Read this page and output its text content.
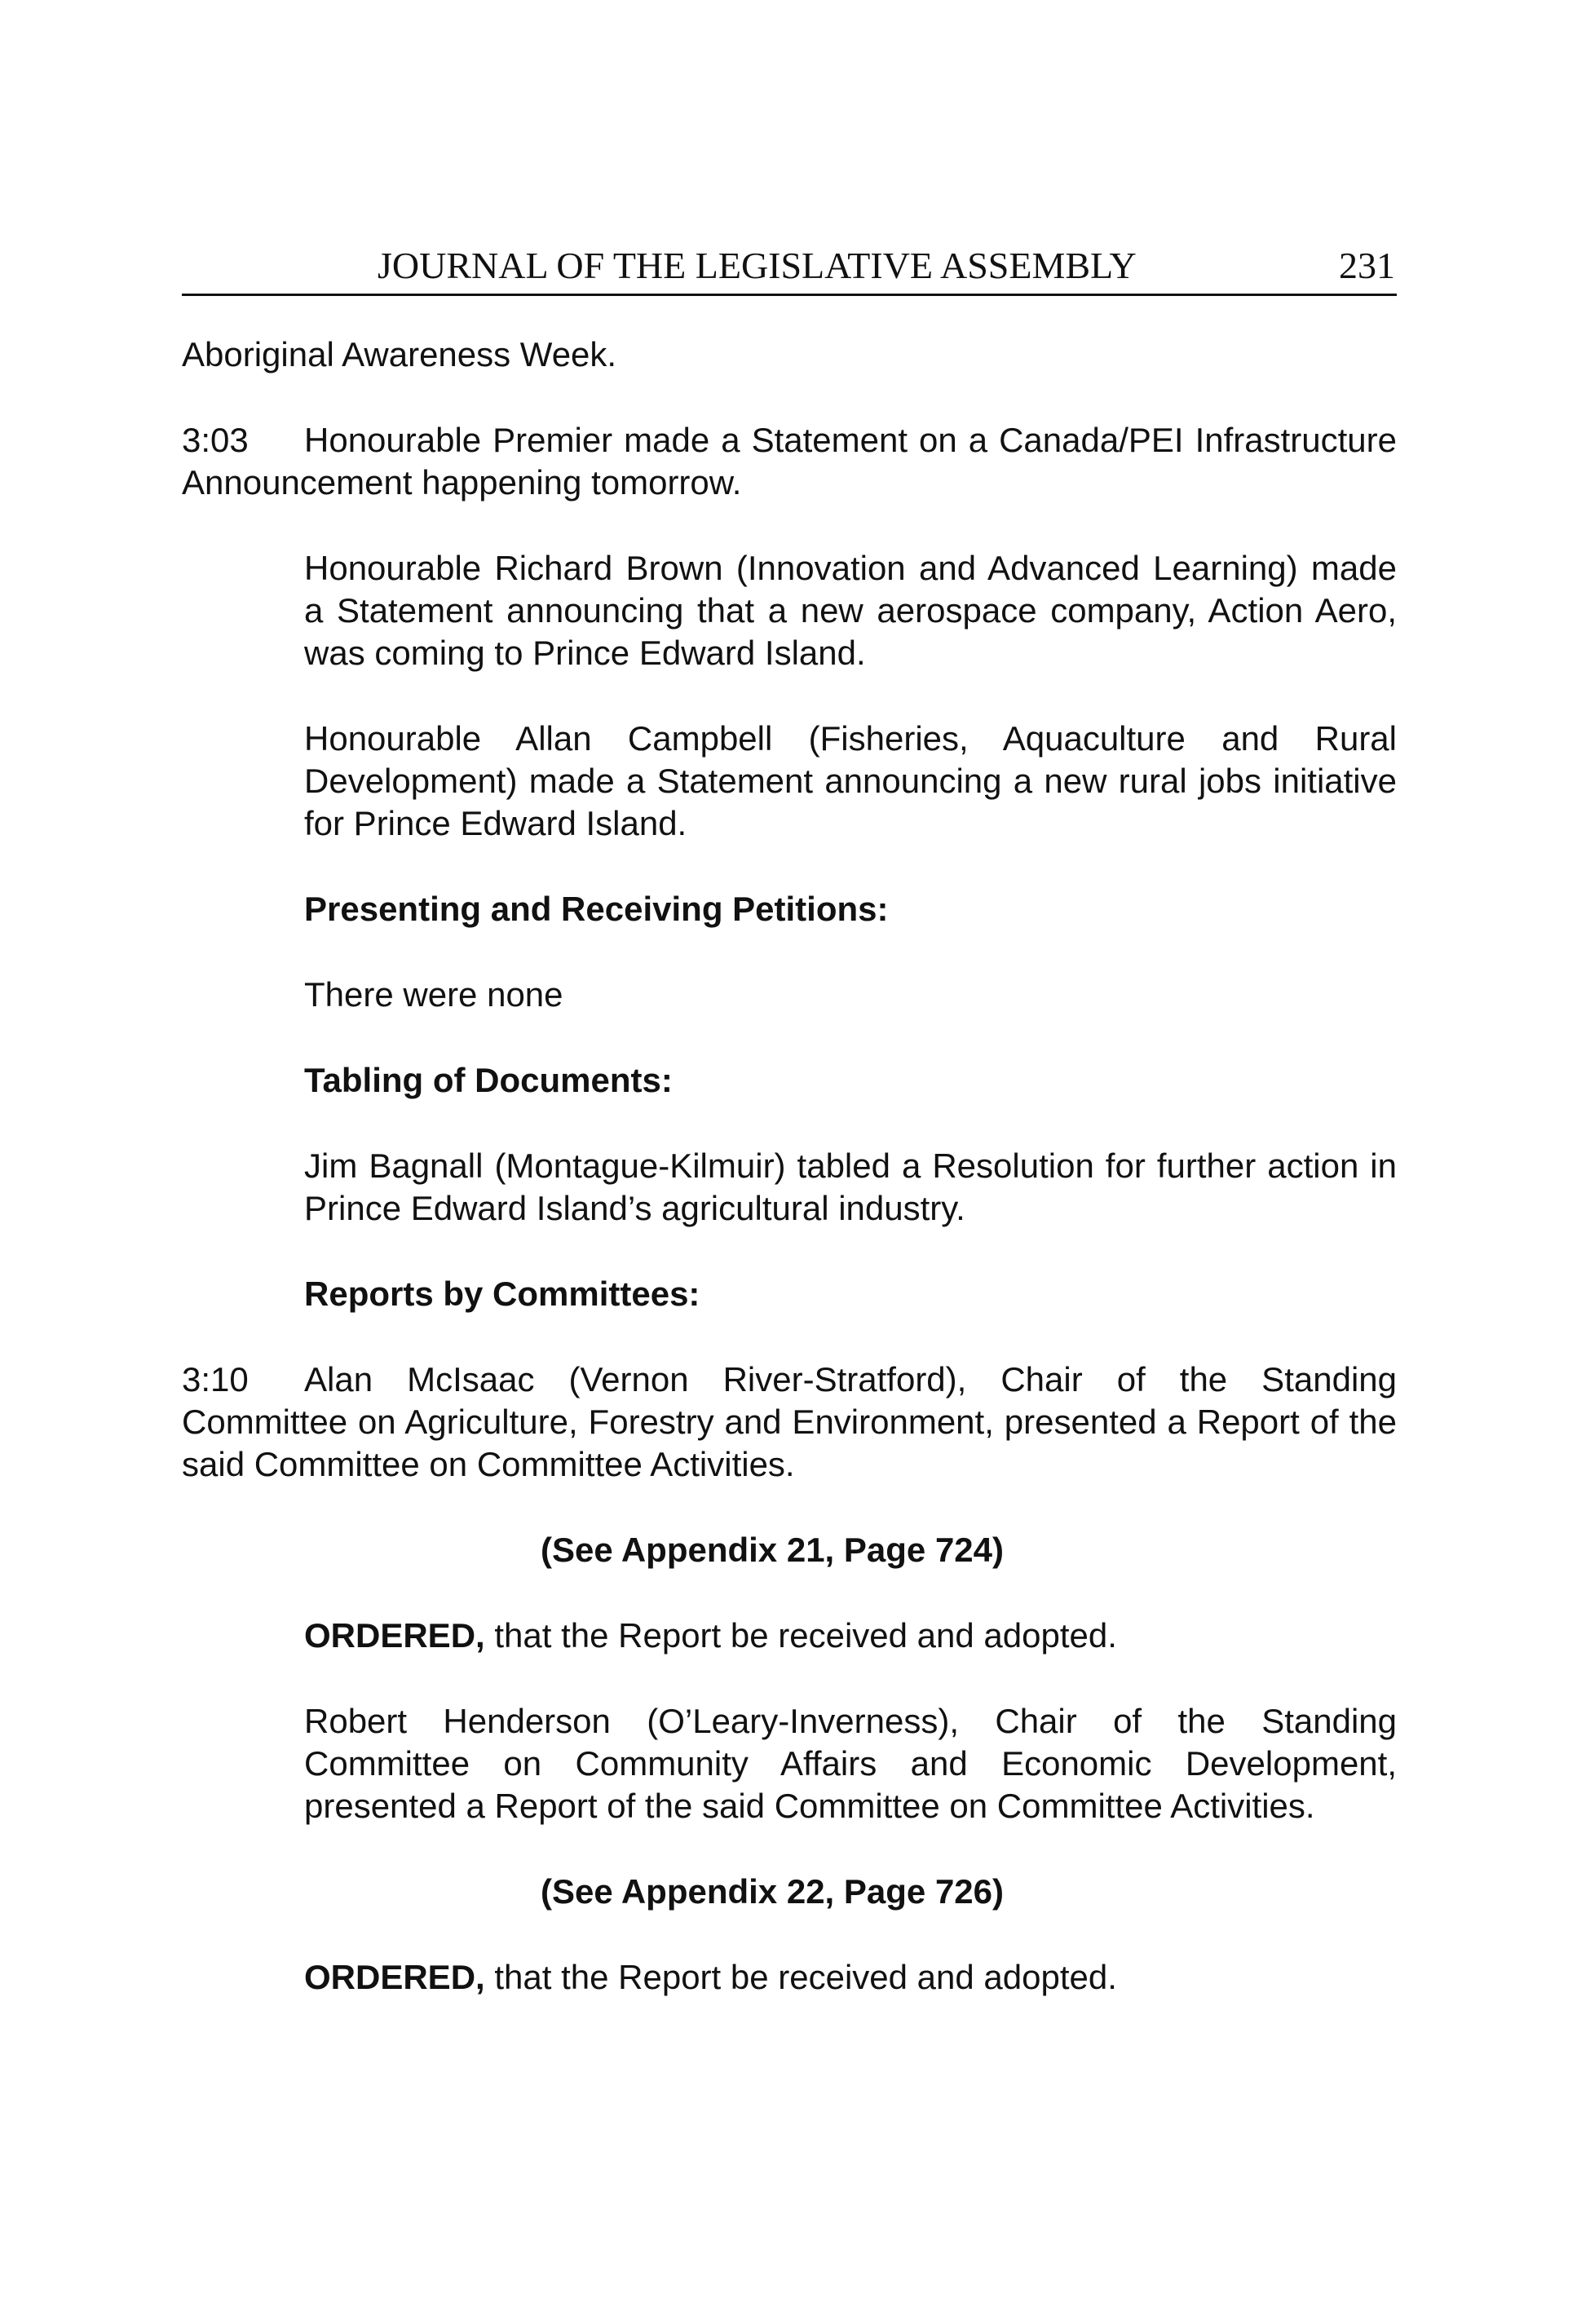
JOURNAL OF THE LEGISLATIVE ASSEMBLY	231

Aboriginal Awareness Week.

3:03 Honourable Premier made a Statement on a Canada/PEI Infrastructure Announcement happening tomorrow.

Honourable Richard Brown (Innovation and Advanced Learning) made a Statement announcing that a new aerospace company, Action Aero, was coming to Prince Edward Island.

Honourable Allan Campbell (Fisheries, Aquaculture and Rural Development) made a Statement announcing a new rural jobs initiative for Prince Edward Island.

Presenting and Receiving Petitions:

There were none

Tabling of Documents:

Jim Bagnall (Montague-Kilmuir) tabled a Resolution for further action in Prince Edward Island’s agricultural industry.

Reports by Committees:

3:10 Alan McIsaac (Vernon River-Stratford), Chair of the Standing Committee on Agriculture, Forestry and Environment, presented a Report of the said Committee on Committee Activities.

(See Appendix 21, Page 724)

ORDERED, that the Report be received and adopted.

Robert Henderson (O’Leary-Inverness), Chair of the Standing Committee on Community Affairs and Economic Development, presented a Report of the said Committee on Committee Activities.

(See Appendix 22, Page 726)

ORDERED, that the Report be received and adopted.
